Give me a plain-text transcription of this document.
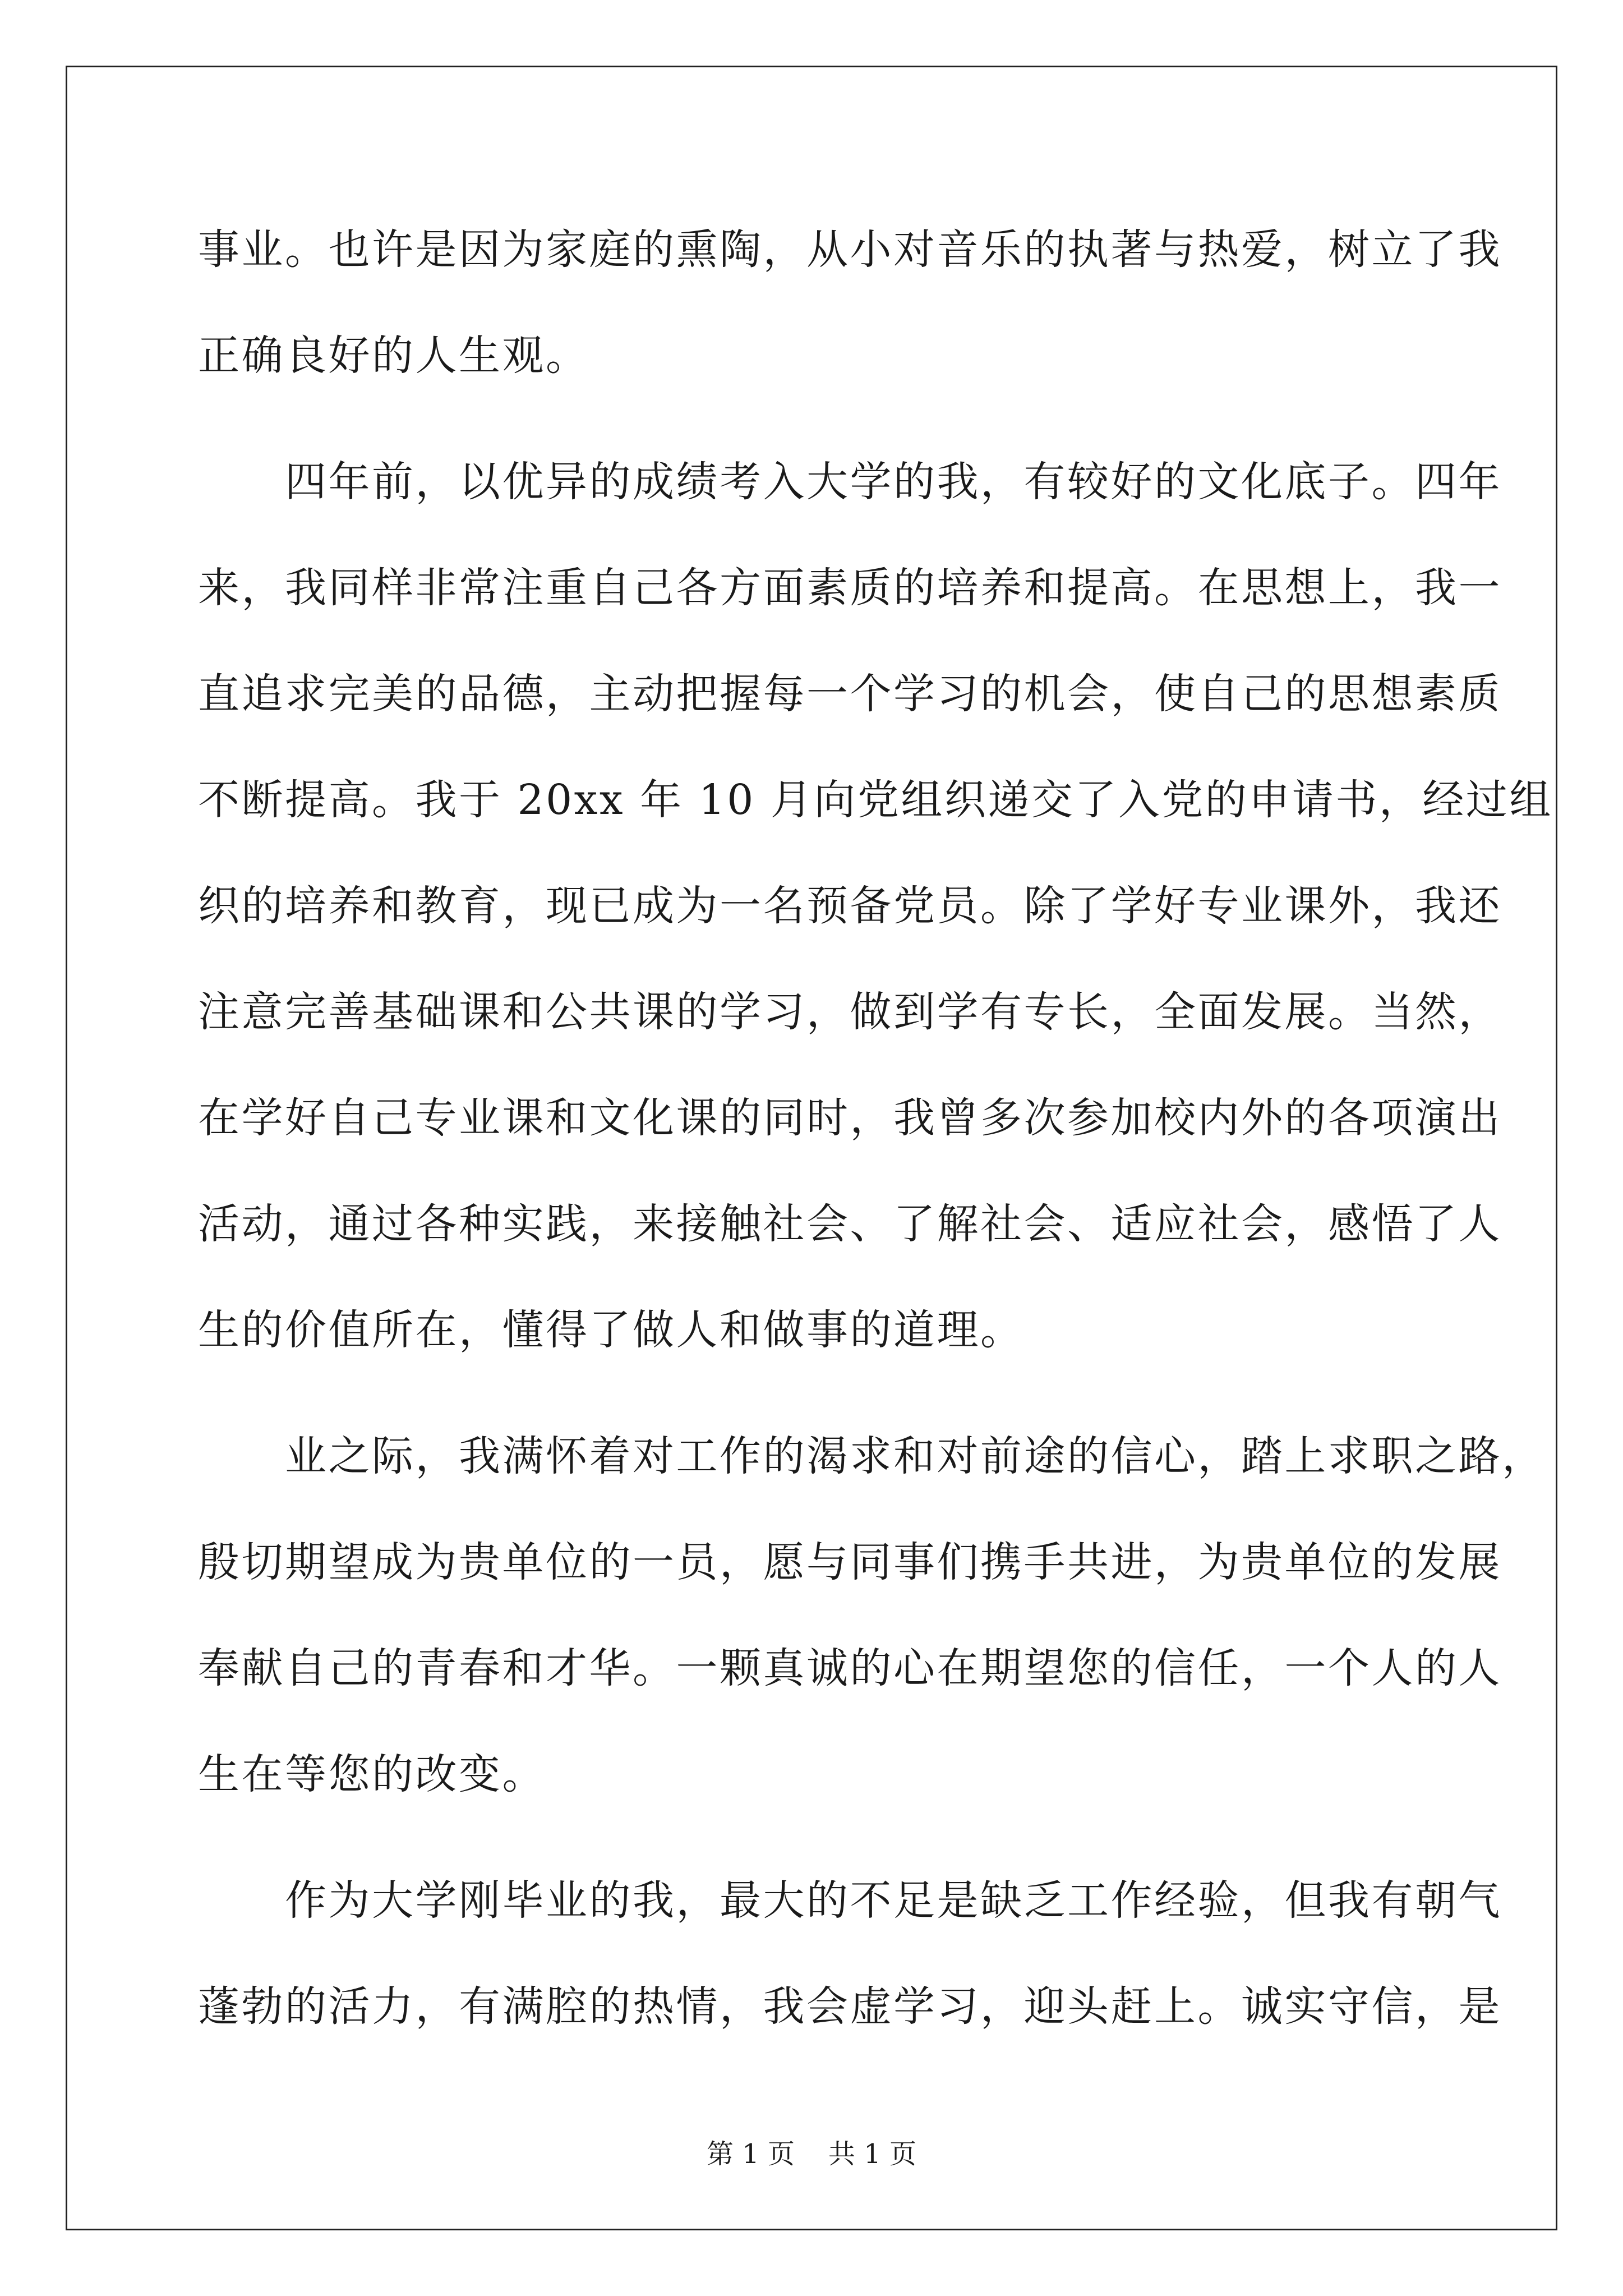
事业。也许是因为家庭的熏陶，从小对音乐的执著与热爱，树立了我
正确良好的人生观。
　　四年前，以优异的成绩考入大学的我，有较好的文化底子。四年
来，我同样非常注重自己各方面素质的培养和提高。在思想上，我一
直追求完美的品德，主动把握每一个学习的机会，使自己的思想素质
不断提高。我于 20xx 年 10 月向党组织递交了入党的申请书，经过组
织的培养和教育，现已成为一名预备党员。除了学好专业课外，我还
注意完善基础课和公共课的学习，做到学有专长，全面发展。当然，
在学好自己专业课和文化课的同时，我曾多次参加校内外的各项演出
活动，通过各种实践，来接触社会、了解社会、适应社会，感悟了人
生的价值所在，懂得了做人和做事的道理。
　　业之际，我满怀着对工作的渴求和对前途的信心，踏上求职之路，
殷切期望成为贵单位的一员，愿与同事们携手共进，为贵单位的发展
奉献自己的青春和才华。一颗真诚的心在期望您的信任，一个人的人
生在等您的改变。
　　作为大学刚毕业的我，最大的不足是缺乏工作经验，但我有朝气
蓬勃的活力，有满腔的热情，我会虚学习，迎头赶上。诚实守信，是
第 1 页 共 1 页
